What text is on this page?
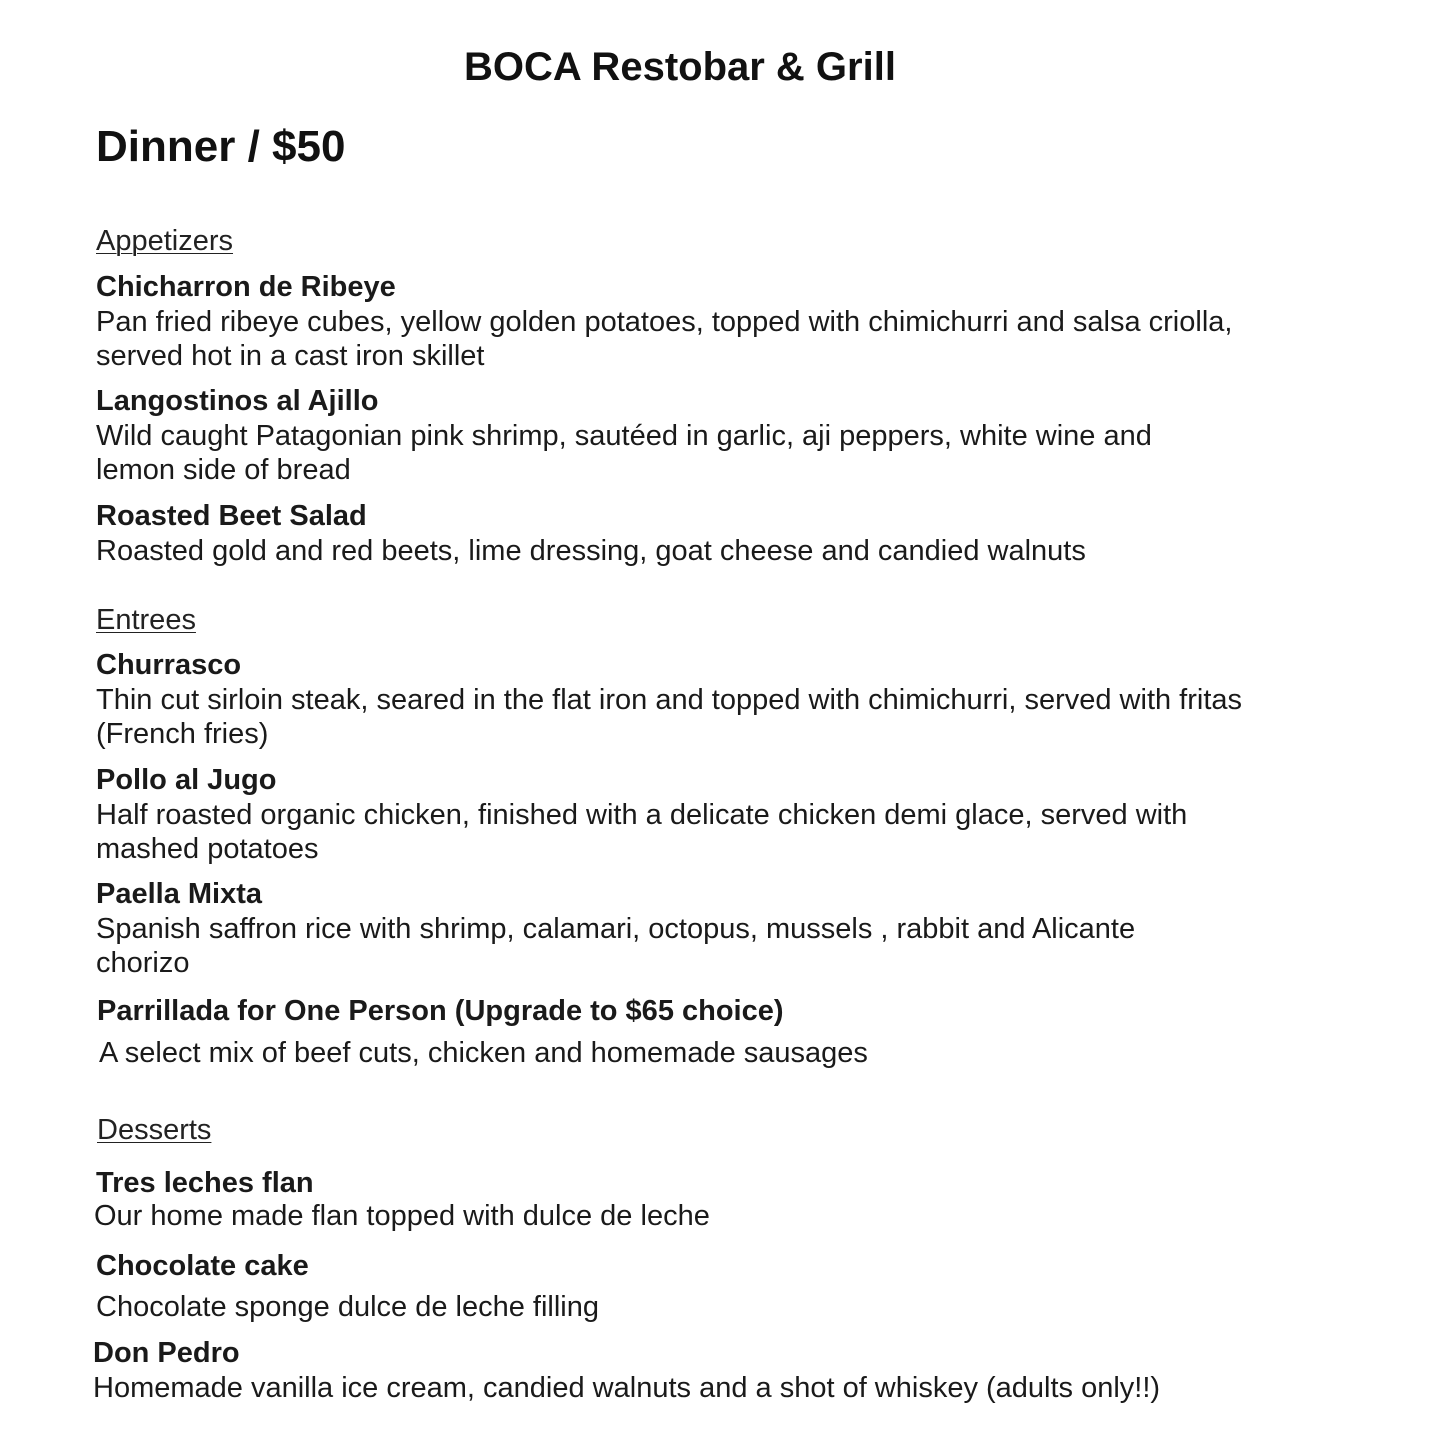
BOCA Restobar & Grill
Dinner / $50
Appetizers
Chicharron de Ribeye
Pan fried ribeye cubes, yellow golden potatoes, topped with chimichurri and salsa criolla, served hot in a cast iron skillet
Langostinos al Ajillo
Wild caught Patagonian pink shrimp, sautéed in garlic, aji peppers, white wine and lemon side of bread
Roasted Beet Salad
Roasted gold and red beets, lime dressing, goat cheese and candied walnuts
Entrees
Churrasco
Thin cut sirloin steak, seared in the flat iron and topped with chimichurri, served with fritas (French fries)
Pollo al Jugo
Half roasted organic chicken, finished with a delicate chicken demi glace, served with mashed potatoes
Paella Mixta
Spanish saffron rice with shrimp, calamari, octopus, mussels , rabbit and Alicante chorizo
Parrillada for One Person (Upgrade to $65 choice)
A select mix of beef cuts, chicken and homemade sausages
Desserts
Tres leches flan
Our home made flan topped with dulce de leche
Chocolate cake
Chocolate sponge dulce de leche filling
Don Pedro
Homemade vanilla ice cream, candied walnuts and a shot of whiskey (adults only!!)
